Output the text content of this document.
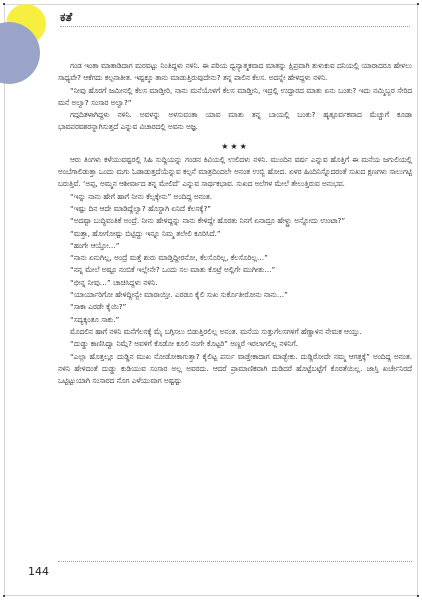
ಕತೆ

ಗಂಡ ಇಂತಾ ಮಾತಾಡಿದಾಗ ಮರವಟ್ಟು ನಿಂತಿದ್ದಳು ನಳಿನಿ. ಈ ಪರಿಯ ಧ್ವನ್ಯಾತ್ಮಕವಾದ ಮಾತನ್ನು ಕ್ಷಿಪ್ರವಾಗಿ ತುಳುಕುವ ದನಿಯಲ್ಲಿ ಯಾರಾದರೂ ಹೇಳಲು ಸಾಧ್ಯವೇ? ಆಕೆಗದು ಕಲ್ಪನಾತೀತ. ಇಷ್ಟಕ್ಕೂ ತಾನು ಮಾಡುತ್ತಿರುವುದೇನು? ತನ್ನ ಪಾಲಿನ ಕೆಲಸ. ಅದನ್ನೇ ಹೇಳಿದ್ದಳು ನಳಿನಿ.

“ನೀವು ಹೊರಗೆ ಜಮೀನಲ್ಲಿ ಕೆಲಸ ಮಾಡ್ತೀರಿ, ನಾನು ಮನೆಯೊಳಗೆ ಕೆಲಸ ಮಾಡ್ತೀನಿ, ಇದ್ರಲ್ಲಿ ಉದ್ದಾರದ ಮಾತು ಏನು ಬಂತು? ಇದು ನಮ್ಮಿಬ್ಬರ ಸೇರಿದ ಮನೆ ಅಲ್ವಾ? ಸಂಸಾರ ಅಲ್ವಾ?”

ಗದ್ಗದಿತಳಾಗಿದ್ದಳು ನಳಿನಿ. ಅವಳನ್ನು ಅಳಸುವಂತಾ ಯಾವ ಮಾತು ತನ್ನ ಬಾಯಲ್ಲಿ ಬಂತು? ಹೃತ್ಪೂರ್ವಕವಾದ ಮೆಚ್ಚುಗೆ ಕೂಡಾ ಭಾವಪರವಶರನ್ನಾಗಿಸುತ್ತದೆ ಎನ್ನುವ ವಿಚಾರದಲ್ಲಿ ಅವನು ಅಜ್ಞ.

★★★

ಆರು ತಿಂಗಳು ಕಳೆಯುವಷ್ಟರಲ್ಲಿ ಸಿಹಿ ಸುದ್ದಿಯನ್ನು ಗಂಡನ ಕಿವಿಯಲ್ಲಿ ಉಲಿದಳು ನಳಿನಿ. ಮುಂದಿನ ವರ್ಷ ಎನ್ನುವ ಹೊತ್ತಿಗೆ ಈ ಮನೆಯ ಜಗುಲಿಯಲ್ಲಿ ಅಂಬೆಗಾಲಿಡುತ್ತಾ ಒಂದು ಮಗು ಓಡಾಡುತ್ತದೆಯೆನ್ನುವ ಕಲ್ಪನೆ ಮಾತ್ರದಿಂದಲೇ ಅನಂತ ಉಬ್ಬಿ ಹೋದ. ಏಳರ ಹಿಂದಿನಿಸ್ನೊದರಂತೆ ಸುಖದ ಕ್ಷಣಗಳು ಸಾಲುಗಟ್ಟಿ ಬರುತ್ತಿವೆ. ‘ಅಪ್ಪ, ಅಮ್ಮನ ಆಶೀರ್ವಾದ ತನ್ನ ಮೇಲಿದೆ’ ಎನ್ನುವ ಸಾರ್ಥಕಭಾವ. ಸುಖದ ಅಲೆಗಳ ಮೇಲೆ ತೇಲುತ್ತಿರುವ ಅನುಭವ.

“ಇನ್ನು ನಾನು ಹೇಗೆ ಹಾಗೆ ನೀನು ಕೆಲ್ಸಕ್ಕೇನು” ಅಂದಿದ್ದ ಅನಂತ.

“ಇಷ್ಟು ದಿನ ಆದೇ ಮಾಡಿದ್ದೆಲ್ವಾ? ಹೊಸ್ದಾಗಿ ಏನಿದೆ ಕೆಲಸಕ್ಕೆ?”

“ಅದಷ್ಟಾ ಬುದ್ಧಿವಂತಿಕೆ ಅಂದ್ರೆ. ನೀನು ಹೇಳಿದ್ದನ್ನು ನಾನು ಕೇಳಿದ್ದೇ ಹೊರತು ನಿನಗೆ ಏನಾದ್ರೂ ಹೇಳ್ದ್ರು ಅನ್ನೋದು ಉಂಟಾ?”

“ಮತ್ತಾ, ಹೋಗೋಷ್ಟು ಬಿಟ್ಟಿದ್ದು ಇನ್ನೂ ನಿಮ್ಮ ತಲೇಲಿ ಕೂರಿಸಿದೆ.”

“ಹಂಗೇ ಆಯ್ತೋ…”

“ನಾನು ಏನುಗಿಲ್ಲ, ಅಂದ್ರೆ ಮತ್ತೆ ಶುರು ಮಾಡ್ತಿದ್ದೀರನೋ, ಕೆಲಸೊರಿಲ್ಲ, ಕೆಲಸೊರಿಲ್ಲ…”

“ನನ್ನ ಮೇಲೆ ಅಷ್ಟೂ ನಂಬಿಕೆ ಇಲ್ಲೇನೇ? ಒಂದು ಸಲ ಮಾತು ಕೊಟ್ರೆ ಅಲ್ಲಿಗೇ ಮುಗೀತು…”

“ಛೀನ್ನ ನೀವು…” ಚಾಚಿಸಿದ್ದಳು ನಳಿನಿ.

“ಯಾರ್ಯಾರಿಗೋ ಹೇಳಿದ್ದೀನ್ವೇ ಮಾರಾಯ್ತೀ. ಎರಡೂ ಕೈಲಿ ಸುಖ ಸುರ್ಕೊತೀರೋನು ನಾನು…”

“ಸಾಕಾ ಎರಡೇ ಕೈಯಿ?”

“ಸದ್ಯಕ್ಕಂತೂ ಸಾಕು.”

ಮೊದಲಿನ ಹಾಗೆ ನಳಿನಿ ಮನೆಗೆಲಸಕ್ಕೆ ಮೈ ಬಗ್ಗಿಸಲು ಬಿಡುತ್ತಿರಲಿಲ್ಲ ಅನಂತ. ಮನೆಯ ಸುತ್ತುಗೆಲಸಗಳಿಗೆ ಹೆಣ್ಣಾಳಿನ ನೇಮಕ ಆಯ್ತು.

“ದುಡ್ಡು ಕಾಣಿಸಿದ್ವಾ ನಿಮ್ಗೆ? ಅವಳಿಗೆ ಕೊಡೋ ಕೂಲಿ ನಂಗೇ ಕೊಟ್ಟರಿ” ಅಣ್ದರೆ ಇರಲಾಗಲಿಲ್ಲ ನಳಿನಿಗೆ.

“ಎಲ್ಲಾ ಹೊತ್ತಲ್ಲೂ ದುಡ್ಡಿನ ಮುಖ ನೋಡೋಕಾಗುತ್ತಾ? ಕೈಲಿಟ್ಟ ಪರ್ಸು ವಾಡ್ತೇಕಾದಾಗ ಮಾಡ್ಬೇಕು. ದುಡ್ದಿರೋದೇ ನಮ್ಮ ಆಗತ್ತಕ್ಕೆ” ಅಂದಿದ್ದ ಅನಂತ. ನಳಿನಿ ಹೇಳಿದಂತೆ ದುಡ್ಡು ಕುಡಿಯುವ ಸಂಸಾರ ಅಲ್ಲ ಅವರದು. ಆದರೆ ಪ್ರಾಮಾಣಿಕವಾಗಿ ದುಡಿದರೆ ಹೊಟ್ಟೆಬಟ್ಟೆಗೆ ಕೊರತೆಯಿಲ್ಲ. ಜಾಸ್ತಿ ಖರ್ಚೇನಿರದೆ ಒಟ್ಟಿಟ್ಟುಯಾಗಿ ಸಂಸಾರದ ನೊಗ ಎಳೆಯುವಾಗ ಅಷ್ಟಷ್ಟು

144
